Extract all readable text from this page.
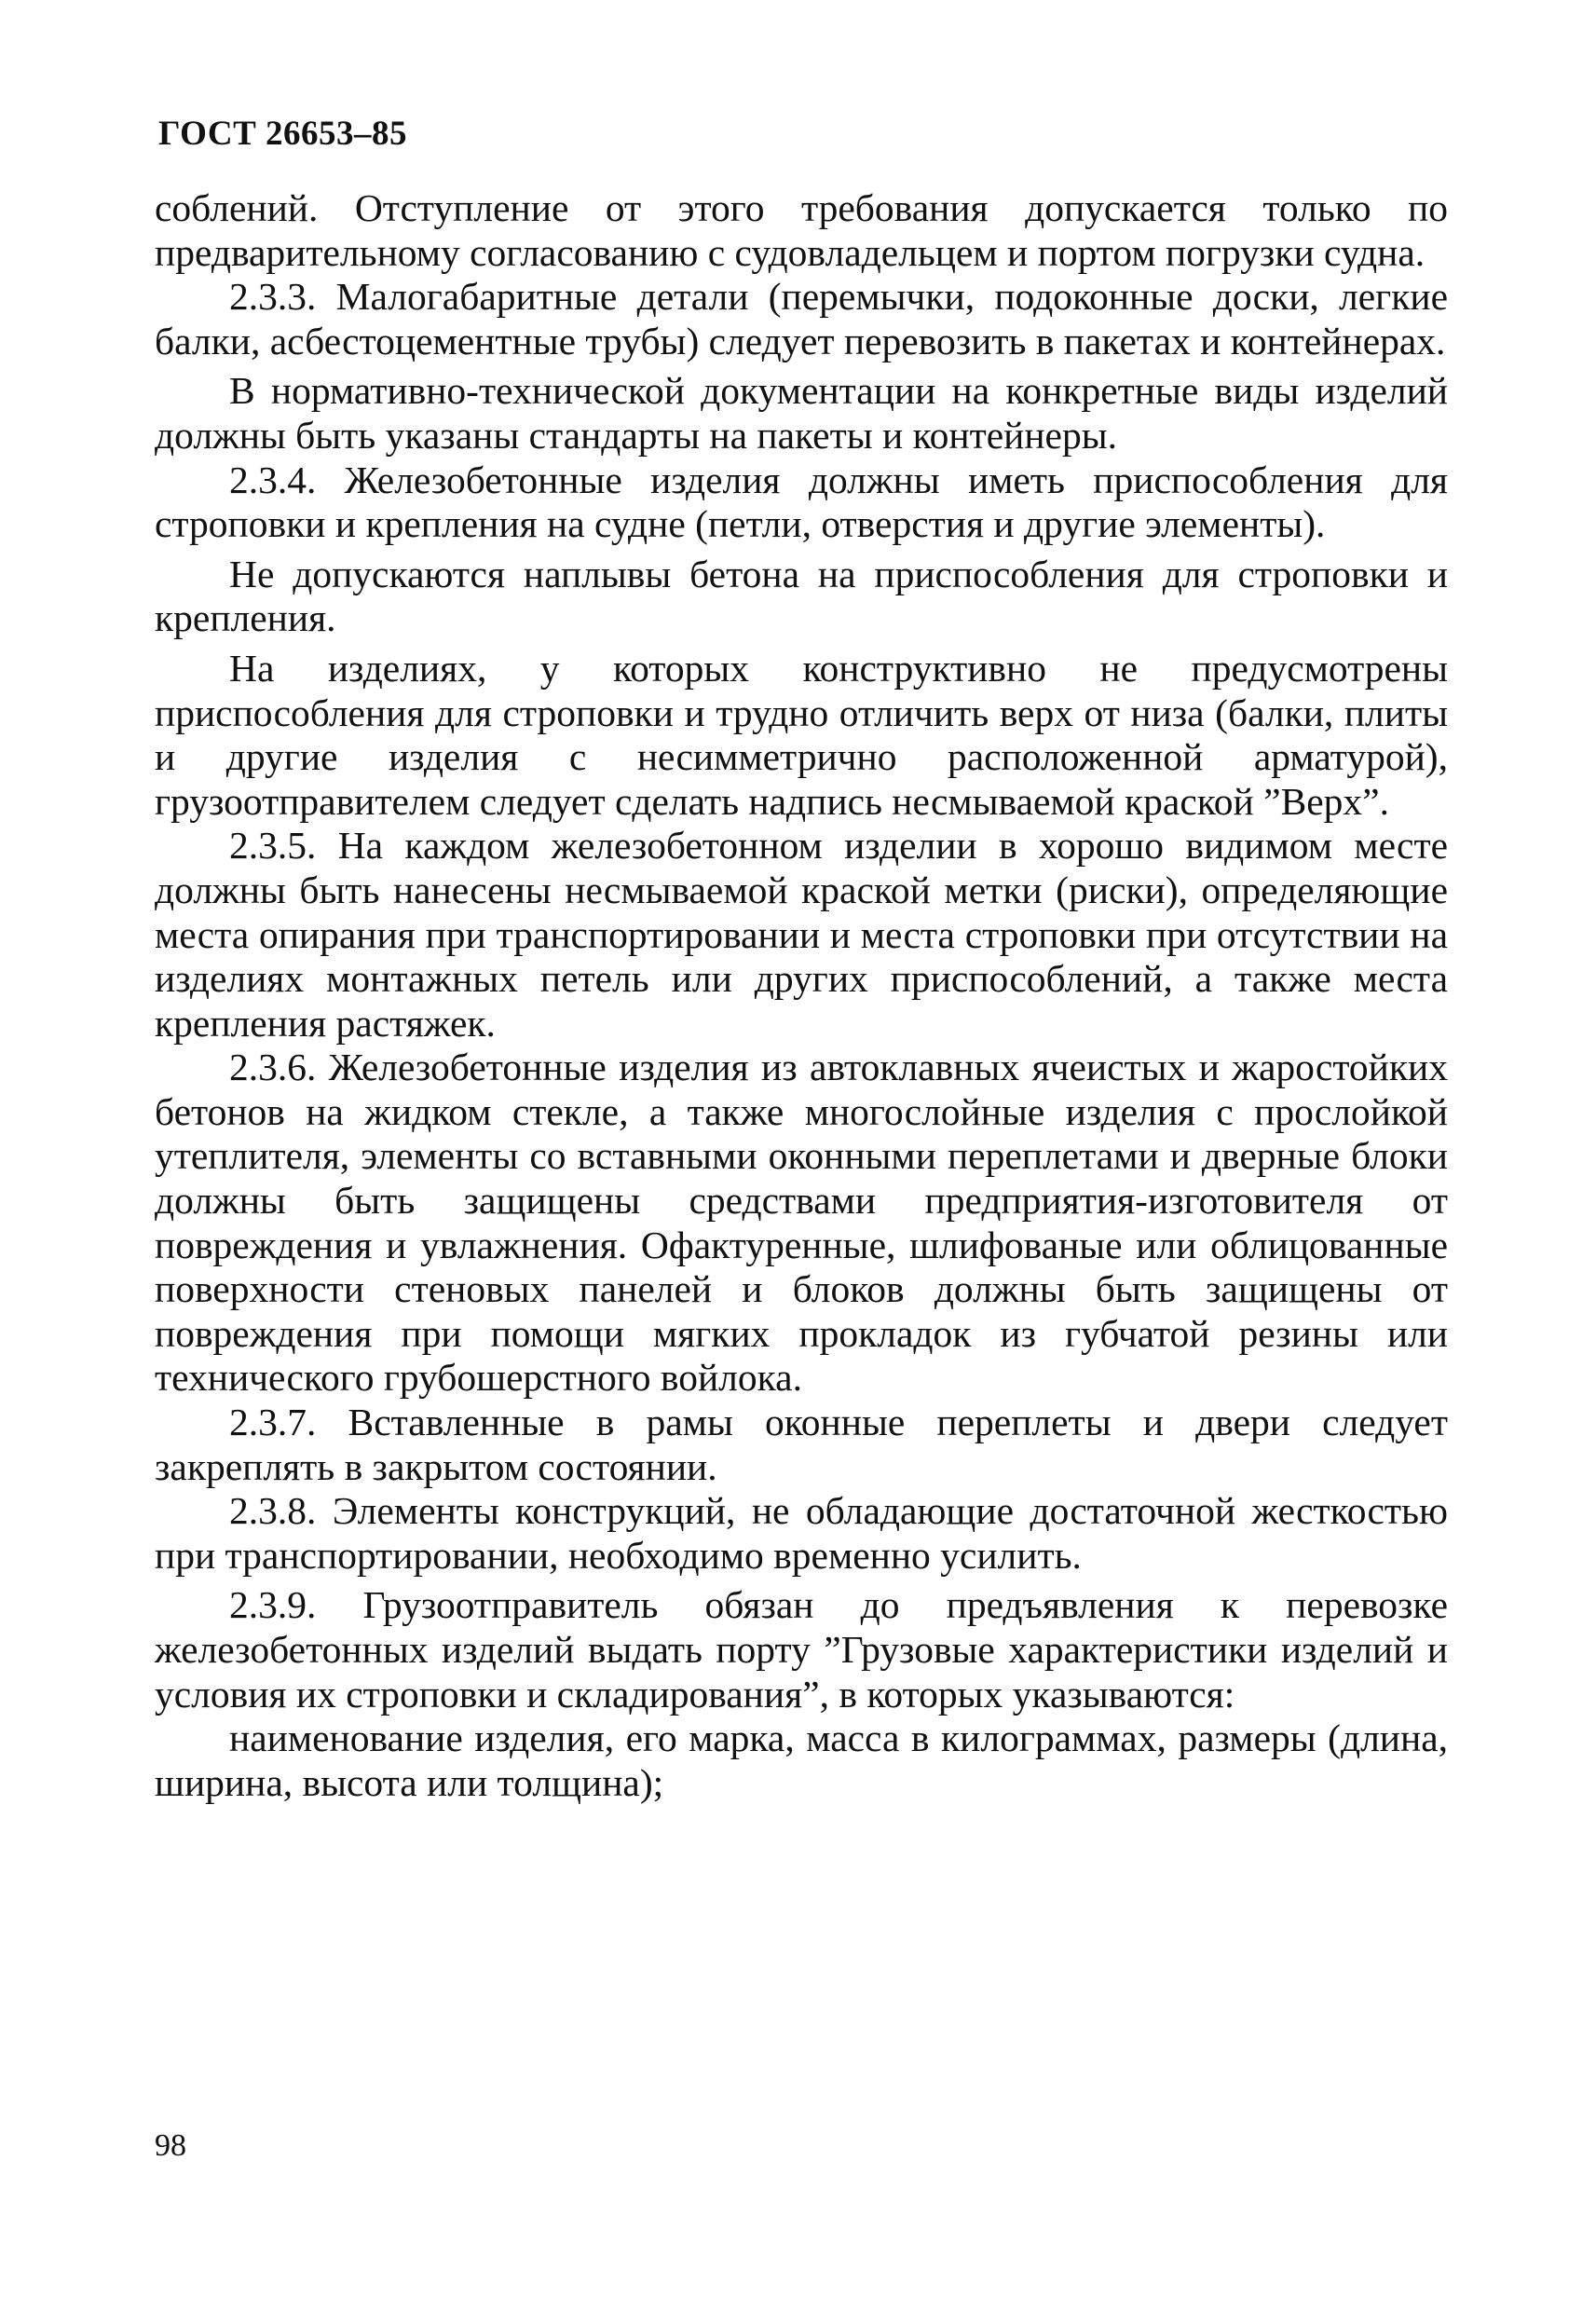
ГОСТ 26653–85

соблений. Отступление от этого требования допускается только по предварительному согласованию с судовладельцем и портом погрузки судна.

2.3.3. Малогабаритные детали (перемычки, подоконные доски, легкие балки, асбестоцементные трубы) следует перевозить в пакетах и контейнерах.

В нормативно-технической документации на конкретные виды изделий должны быть указаны стандарты на пакеты и контейнеры.

2.3.4. Железобетонные изделия должны иметь приспособления для строповки и крепления на судне (петли, отверстия и другие элементы).

Не допускаются наплывы бетона на приспособления для строповки и крепления.

На изделиях, у которых конструктивно не предусмотрены приспособления для строповки и трудно отличить верх от низа (балки, плиты и другие изделия с несимметрично расположенной арматурой), грузоотправителем следует сделать надпись несмываемой краской ”Верх”.

2.3.5. На каждом железобетонном изделии в хорошо видимом месте должны быть нанесены несмываемой краской метки (риски), определяющие места опирания при транспортировании и места строповки при отсутствии на изделиях монтажных петель или других приспособлений, а также места крепления растяжек.

2.3.6. Железобетонные изделия из автоклавных ячеистых и жаростойких бетонов на жидком стекле, а также многослойные изделия с прослойкой утеплителя, элементы со вставными оконными переплетами и дверные блоки должны быть защищены средствами предприятия-изготовителя от повреждения и увлажнения. Офактуренные, шлифованые или облицованные поверхности стеновых панелей и блоков должны быть защищены от повреждения при помощи мягких прокладок из губчатой резины или технического грубошерстного войлока.

2.3.7. Вставленные в рамы оконные переплеты и двери следует закреплять в закрытом состоянии.

2.3.8. Элементы конструкций, не обладающие достаточной жесткостью при транспортировании, необходимо временно усилить.

2.3.9. Грузоотправитель обязан до предъявления к перевозке железобетонных изделий выдать порту ”Грузовые характеристики изделий и условия их строповки и складирования”, в которых указываются:

наименование изделия, его марка, масса в килограммах, размеры (длина, ширина, высота или толщина);

98
